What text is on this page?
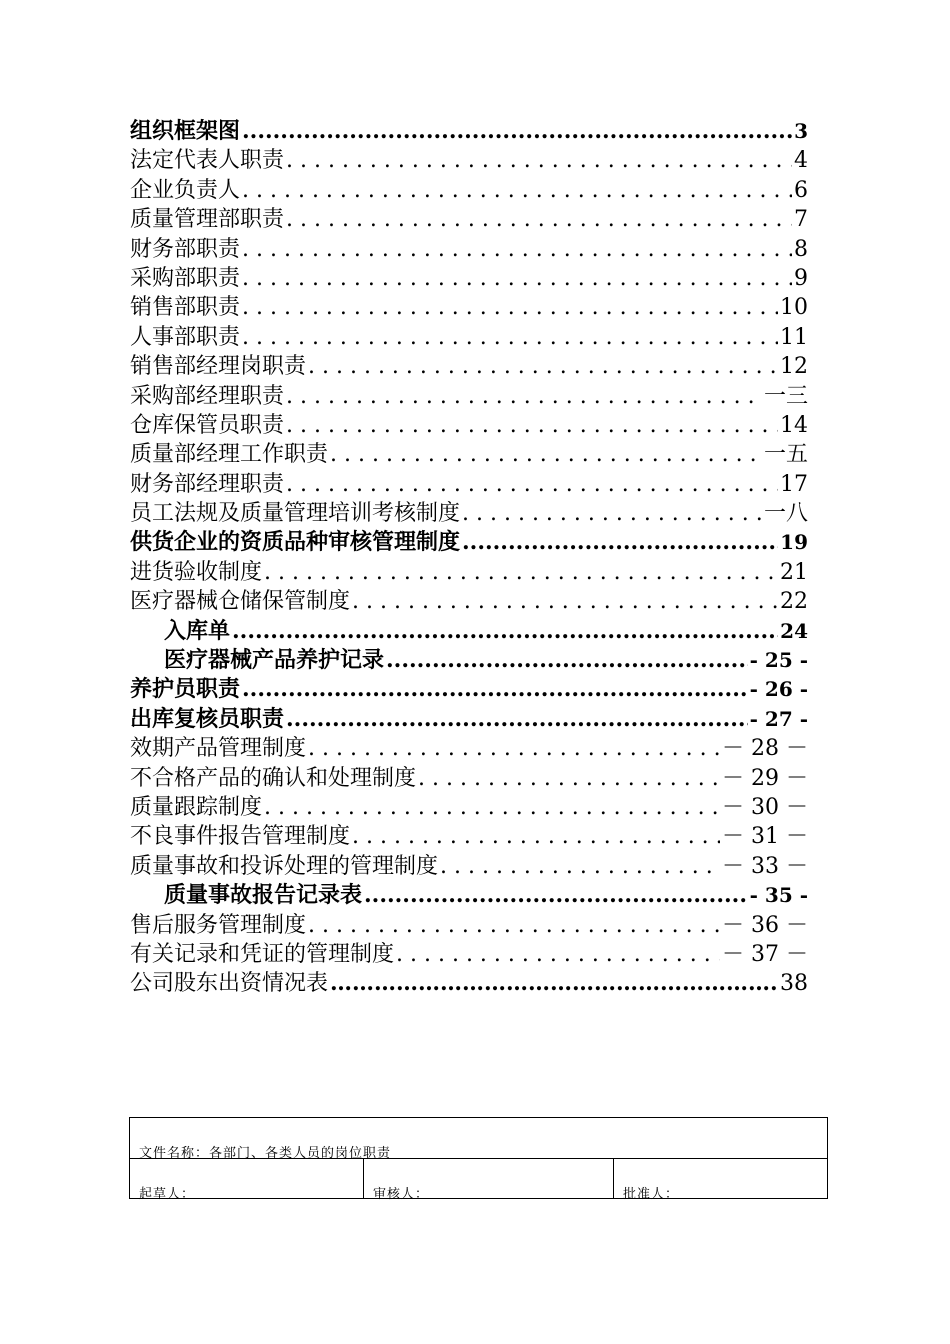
组织框架图 .....	3
法定代表人职责 . . .	4
企业负责人 . . .	6
质量管理部职责 . . .	7
财务部职责 . . .	8
采购部职责 . . .	9
销售部职责 . . .	10
人事部职责 . . .	11
销售部经理岗职责 . . .	12
采购部经理职责 . . .	一三
仓库保管员职责 . . .	14
质量部经理工作职责 . . .	一五
财务部经理职责 . . .	17
员工法规及质量管理培训考核制度 . . .	一八
供货企业的资质品种审核管理制度 .....	19
进货验收制度 . . .	21
医疗器械仓储保管制度 . . .	22
入库单 .....	24
医疗器械产品养护记录 .....	- 25 -
养护员职责 .....	- 26 -
出库复核员职责 .....	- 27 -
效期产品管理制度 . . .	－ 28 －
不合格产品的确认和处理制度 . . .	－ 29 －
质量跟踪制度 . . .	－ 30 －
不良事件报告管理制度 . . .	－ 31 －
质量事故和投诉处理的管理制度 . . .	－ 33 －
质量事故报告记录表 .....	- 35 -
售后服务管理制度 . . .	－ 36 －
有关记录和凭证的管理制度 . . .	－ 37 －
公司股东出资情况表 ……………………………………………………………………………………………	38
文件名称：各部门、各类人员的岗位职责
起草人：	审核人：	批准人：
